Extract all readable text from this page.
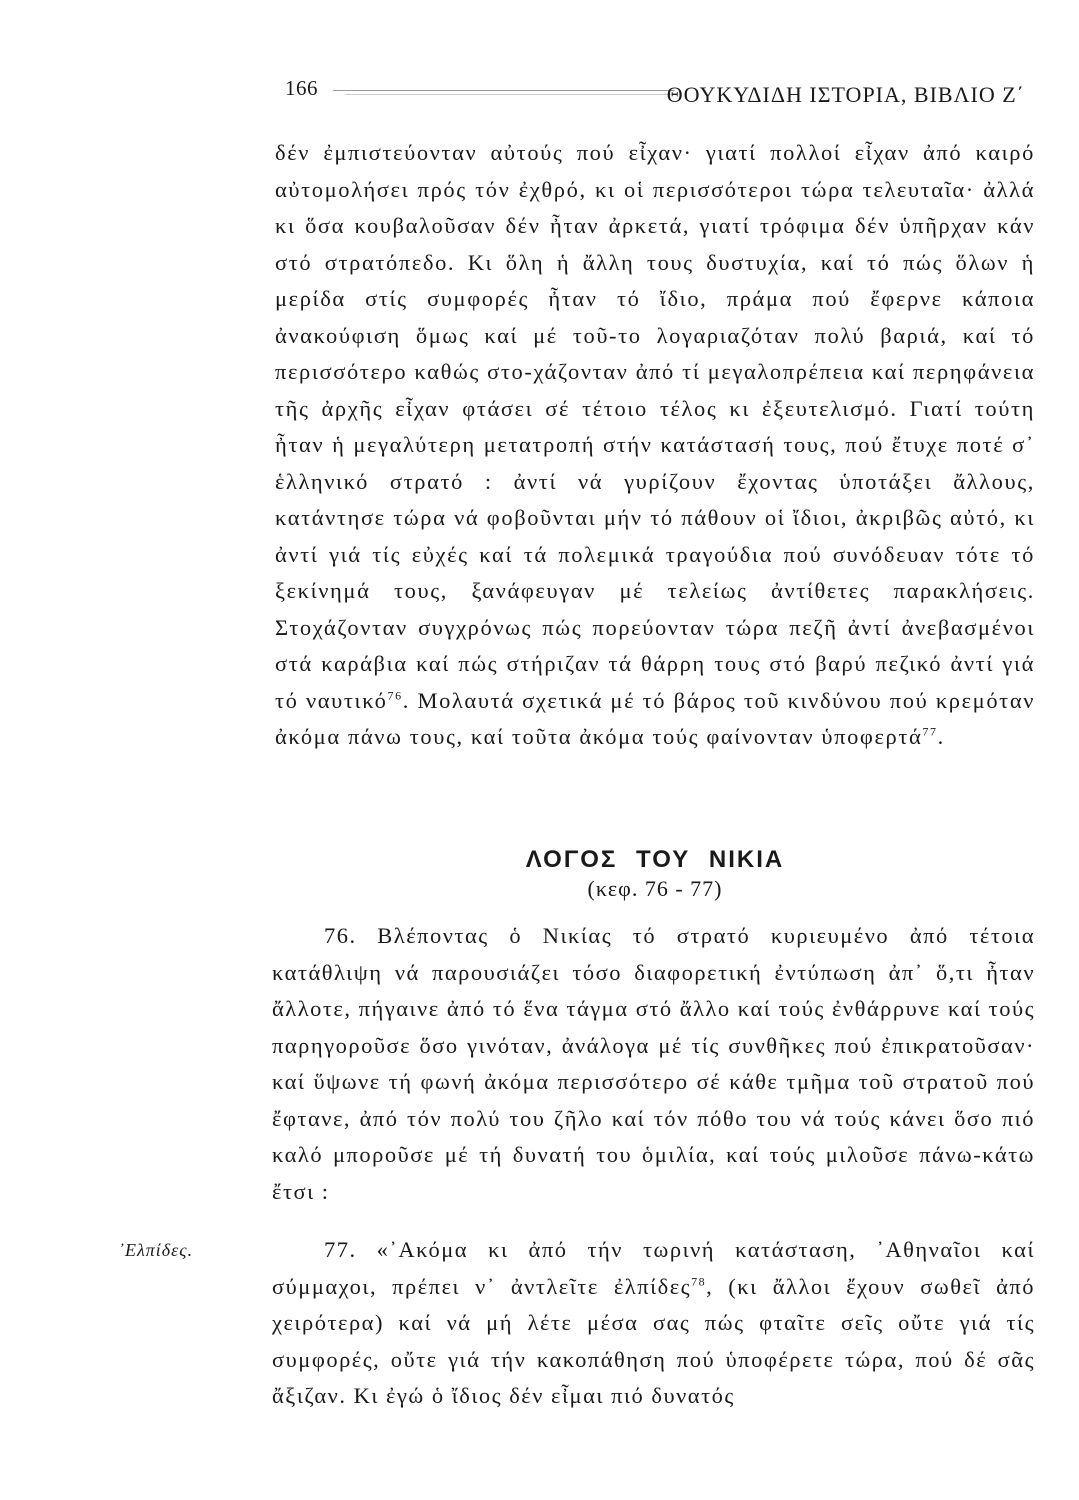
166	ΘΟΥΚΥΔΙΔΗ ΙΣΤΟΡΙΑ, ΒΙΒΛΙΟ Ζ΄

δέν ἐμπιστεύονταν αὐτούς πού εἶχαν· γιατί πολλοί εἶχαν ἀπό καιρό αὐτομολήσει πρός τόν ἐχθρό, κι οἱ περισσότεροι τώρα τελευταῖα· ἀλλά κι ὅσα κουβαλοῦσαν δέν ἦταν ἀρκετά, γιατί τρόφιμα δέν ὑπῆρχαν κάν στό στρατόπεδο. Κι ὅλη ἡ ἄλλη τους δυστυχία, καί τό πώς ὅλων ἡ μερίδα στίς συμφορές ἦταν τό ἴδιο, πράμα πού ἔφερνε κάποια ἀνακούφιση ὅμως καί μέ τοῦ-το λογαριαζόταν πολύ βαριά, καί τό περισσότερο καθώς στο-χάζονταν ἀπό τί μεγαλοπρέπεια καί περηφάνεια τῆς ἀρχῆς εἶχαν φτάσει σέ τέτοιο τέλος κι ἐξευτελισμό. Γιατί τούτη ἦταν ἡ μεγαλύτερη μετατροπή στήν κατάστασή τους, πού ἔτυχε ποτέ σ᾽ ἑλληνικό στρατό : ἀντί νά γυρίζουν ἔχοντας ὑποτάξει ἄλλους, κατάντησε τώρα νά φοβοῦνται μήν τό πάθουν οἱ ἴδιοι, ἀκριβῶς αὐτό, κι ἀντί γιά τίς εὐχές καί τά πολεμικά τραγούδια πού συνόδευαν τότε τό ξεκίνημά τους, ξανάφευγαν μέ τελείως ἀντίθετες παρακλήσεις. Στοχάζονταν συγχρόνως πώς πορεύονταν τώρα πεζῆ ἀντί ἀνεβασμένοι στά καράβια καί πώς στήριζαν τά θάρρη τους στό βαρύ πεζικό ἀντί γιά τό ναυτικό$^{76}$. Μολαυτά σχετικά μέ τό βάρος τοῦ κινδύνου πού κρεμόταν ἀκόμα πάνω τους, καί τοῦτα ἀκόμα τούς φαίνονταν ὑποφερτά$^{77}$.

ΛΟΓΟΣ ΤΟΥ ΝΙΚΙΑ
(κεφ. 76 - 77)

76. Βλέποντας ὁ Νικίας τό στρατό κυριευμένο ἀπό τέτοια κατάθλιψη νά παρουσιάζει τόσο διαφορετική ἐντύπωση ἀπ᾽ ὅ,τι ἦταν ἄλλοτε, πήγαινε ἀπό τό ἕνα τάγμα στό ἄλλο καί τούς ἐνθάρρυνε καί τούς παρηγοροῦσε ὅσο γινόταν, ἀνάλογα μέ τίς συνθῆκες πού ἐπικρατοῦσαν· καί ὕψωνε τή φωνή ἀκόμα περισσότερο σέ κάθε τμῆμα τοῦ στρατοῦ πού ἔφτανε, ἀπό τόν πολύ του ζῆλο καί τόν πόθο του νά τούς κάνει ὅσο πιό καλό μποροῦσε μέ τή δυνατή του ὁμιλία, καί τούς μιλοῦσε πάνω-κάτω ἔτσι :

᾽Ελπίδες.	77. «᾽Ακόμα κι ἀπό τήν τωρινή κατάσταση, ᾽Αθηναῖοι καί σύμμαχοι, πρέπει ν᾽ ἀντλεῖτε ἐλπίδες$^{78}$, (κι ἄλλοι ἔχουν σωθεῖ ἀπό χειρότερα) καί νά μή λέτε μέσα σας πώς φταῖτε σεῖς οὔτε γιά τίς συμφορές, οὔτε γιά τήν κακοπάθηση πού ὑποφέρετε τώρα, πού δέ σᾶς ἄξιζαν. Κι ἐγώ ὁ ἴδιος δέν εἶμαι πιό δυνατός
